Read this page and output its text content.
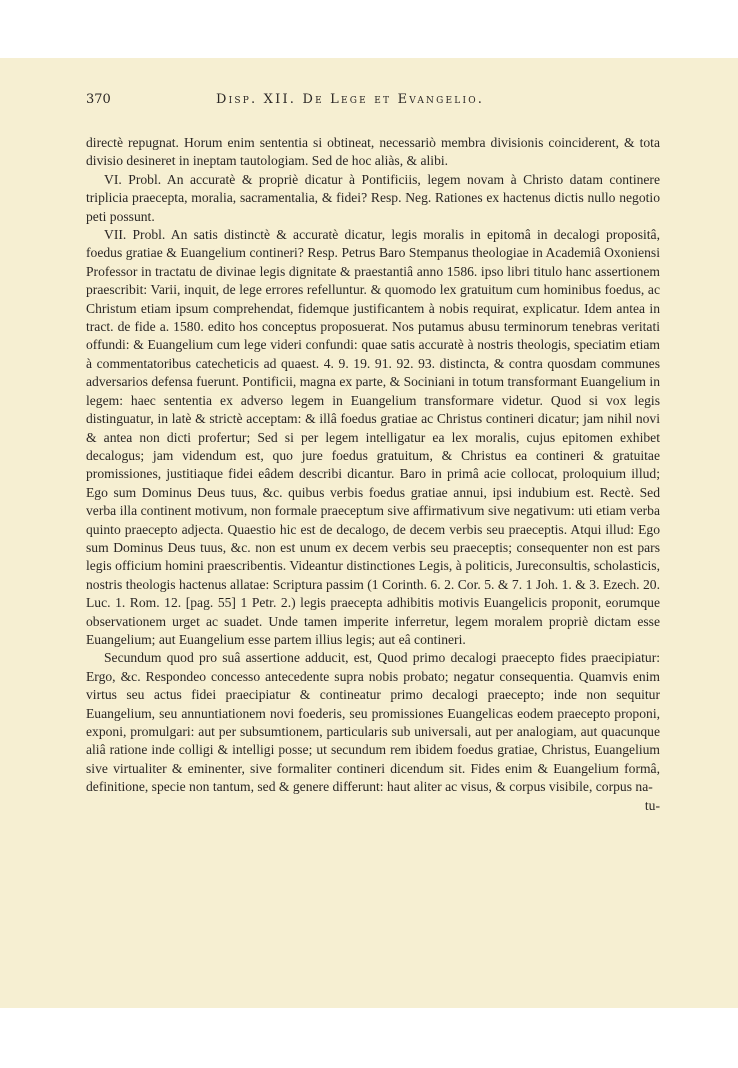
370	Disp. XII. De Lege et Evangelio.

directè repugnat. Horum enim sententia si obtineat, necessariò membra divisionis coinciderent, & tota divisio desineret in ineptam tautologiam. Sed de hoc aliàs, & alibi.

VI. Probl. An accuratè & propriè dicatur à Pontificiis, legem novam à Christo datam continere triplicia praecepta, moralia, sacramentalia, & fidei? Resp. Neg. Rationes ex hactenus dictis nullo negotio peti possunt.

VII. Probl. An satis distinctè & accuratè dicatur, legis moralis in epitomâ in decalogi propositâ, foedus gratiae & Euangelium contineri? Resp. Petrus Baro Stempanus theologiae in Academiâ Oxoniensi Professor in tractatu de divinae legis dignitate & praestantiâ anno 1586. ipso libri titulo hanc assertionem praescribit: Varii, inquit, de lege errores refelluntur. & quomodo lex gratuitum cum hominibus foedus, ac Christum etiam ipsum comprehendat, fidemque justificantem à nobis requirat, explicatur. Idem antea in tract. de fide a. 1580. edito hos conceptus proposuerat. Nos putamus abusu terminorum tenebras veritati offundi: & Euangelium cum lege videri confundi: quae satis accuratè à nostris theologis, speciatim etiam à commentatoribus catecheticis ad quaest. 4. 9. 19. 91. 92. 93. distincta, & contra quosdam communes adversarios defensa fuerunt. Pontificii, magna ex parte, & Sociniani in totum transformant Euangelium in legem: haec sententia ex adverso legem in Euangelium transformare videtur. Quod si vox legis distinguatur, in latè & strictè acceptam: & illâ foedus gratiae ac Christus contineri dicatur; jam nihil novi & antea non dicti profertur; Sed si per legem intelligatur ea lex moralis, cujus epitomen exhibet decalogus; jam videndum est, quo jure foedus gratuitum, & Christus ea contineri & gratuitae promissiones, justitiaque fidei eâdem describi dicantur. Baro in primâ acie collocat, proloquium illud; Ego sum Dominus Deus tuus, &c. quibus verbis foedus gratiae annui, ipsi indubium est. Rectè. Sed verba illa continent motivum, non formale praeceptum sive affirmativum sive negativum: uti etiam verba quinto praecepto adjecta. Quaestio hic est de decalogo, de decem verbis seu praeceptis. Atqui illud: Ego sum Dominus Deus tuus, &c. non est unum ex decem verbis seu praeceptis; consequenter non est pars legis officium homini praescribentis. Videantur distinctiones Legis, à politicis, Jureconsultis, scholasticis, nostris theologis hactenus allatae: Scriptura passim (1 Corinth. 6. 2. Cor. 5. & 7. 1 Joh. 1. & 3. Ezech. 20. Luc. 1. Rom. 12. [pag. 55] 1 Petr. 2.) legis praecepta adhibitis motivis Euangelicis proponit, eorumque observationem urget ac suadet. Unde tamen imperite inferretur, legem moralem propriè dictam esse Euangelium; aut Euangelium esse partem illius legis; aut eâ contineri.

Secundum quod pro suâ assertione adducit, est, Quod primo decalogi praecepto fides praecipiatur: Ergo, &c. Respondeo concesso antecedente supra nobis probato; negatur consequentia. Quamvis enim virtus seu actus fidei praecipiatur & contineatur primo decalogi praecepto; inde non sequitur Euangelium, seu annuntiationem novi foederis, seu promissiones Euangelicas eodem praecepto proponi, exponi, promulgari: aut per subsumtionem, particularis sub universali, aut per analogiam, aut quacunque aliâ ratione inde colligi & intelligi posse; ut secundum rem ibidem foedus gratiae, Christus, Euangelium sive virtualiter & eminenter, sive formaliter contineri dicendum sit. Fides enim & Euangelium formâ, definitione, specie non tantum, sed & genere differunt: haut aliter ac visus, & corpus visibile, corpus na-

tu-
